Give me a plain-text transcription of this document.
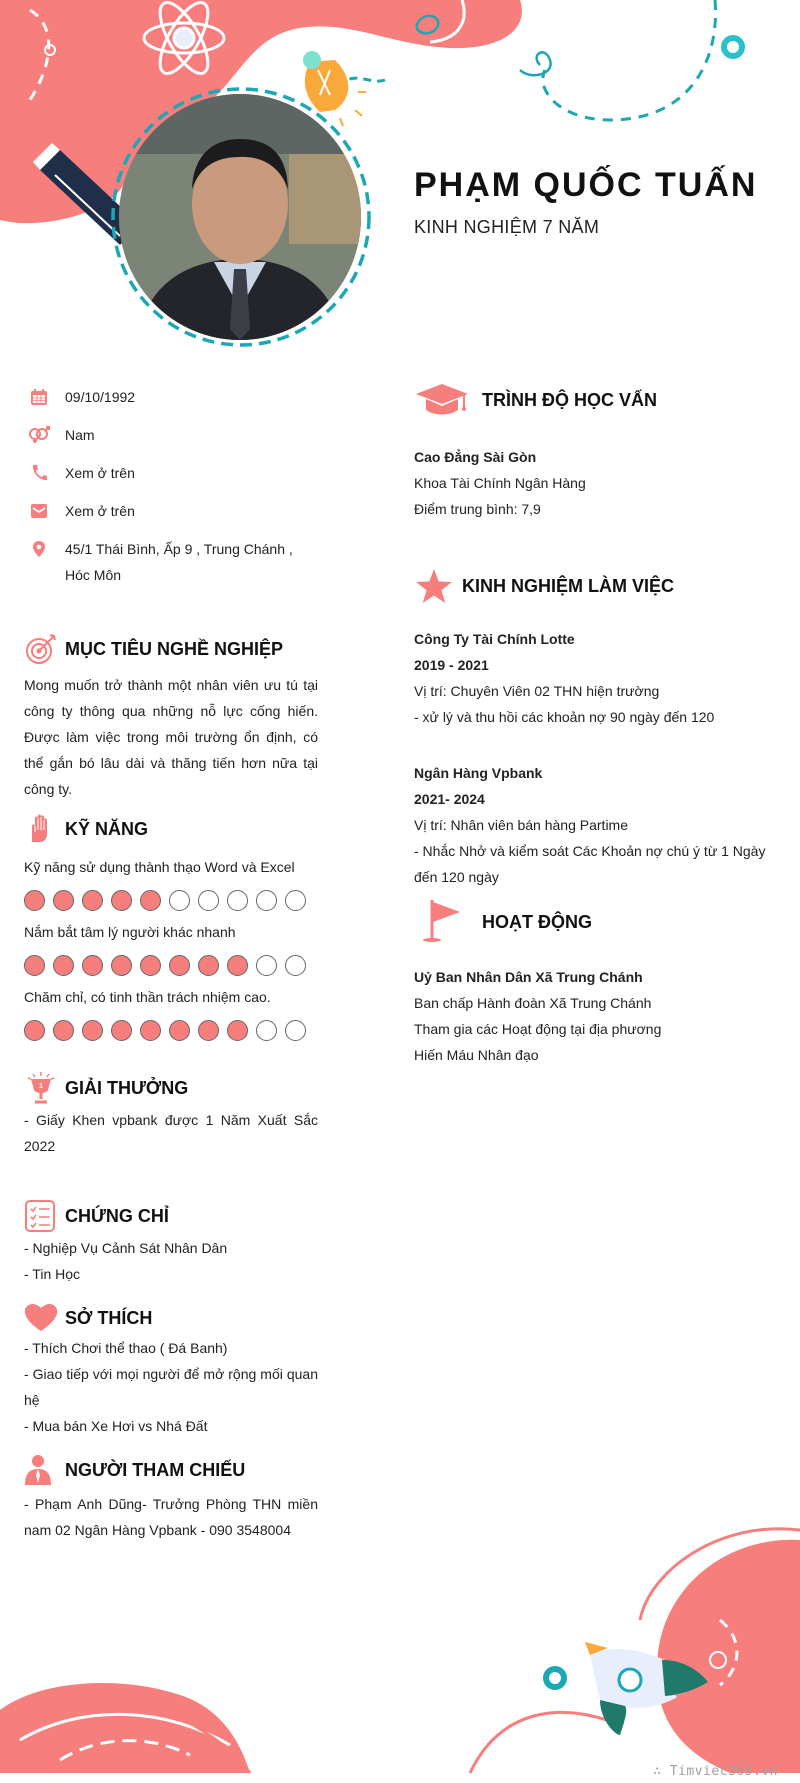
PHẠM QUỐC TUẤN
KINH NGHIỆM 7 NĂM
09/10/1992
Nam
Xem ở trên
Xem ở trên
45/1 Thái Bình, Ấp 9 , Trung Chánh , Hóc Môn
MỤC TIÊU NGHỀ NGHIỆP
Mong muốn trở thành một nhân viên ưu tú tại công ty thông qua những nỗ lực cống hiến. Được làm việc trong môi trường ổn định, có thể gắn bó lâu dài và thăng tiến hơn nữa tại công ty.
KỸ NĂNG
Kỹ năng sử dụng thành thạo Word và Excel
Nắm bắt tâm lý người khác nhanh
Chăm chỉ, có tinh thần trách nhiệm cao.
1 GIẢI THƯỞNG
- Giấy Khen vpbank được 1 Năm Xuất Sắc 2022
CHỨNG CHỈ
- Nghiệp Vụ Cảnh Sát Nhân Dân
- Tin Học
SỞ THÍCH
- Thích Chơi thể thao ( Đá Banh)
- Giao tiếp với mọi người để mở rộng mối quan hệ
- Mua bán Xe Hơi vs Nhá Đất
NGƯỜI THAM CHIẾU
- Phạm Anh Dũng- Trưởng Phòng THN miền nam 02 Ngân Hàng Vpbank - 090 3548004
TRÌNH ĐỘ HỌC VẤN
Cao Đẳng Sài Gòn
Khoa Tài Chính Ngân Hàng
Điểm trung bình: 7,9
KINH NGHIỆM LÀM VIỆC
Công Ty Tài Chính Lotte
2019 - 2021
Vị trí: Chuyên Viên 02 THN hiện trường
- xử lý và thu hồi các khoản nợ 90 ngày đến 120
Ngân Hàng Vpbank
2021- 2024
Vị trí: Nhân viên bán hàng Partime
- Nhắc Nhở và kiểm soát Các Khoản nợ chú ý từ 1 Ngày đến 120 ngày
HOẠT ĐỘNG
Uỷ Ban Nhân Dân Xã Trung Chánh
Ban chấp Hành đoàn Xã Trung Chánh
Tham gia các Hoạt động tại địa phương
Hiến Máu Nhân đạo
∴ Timviec365.vn
